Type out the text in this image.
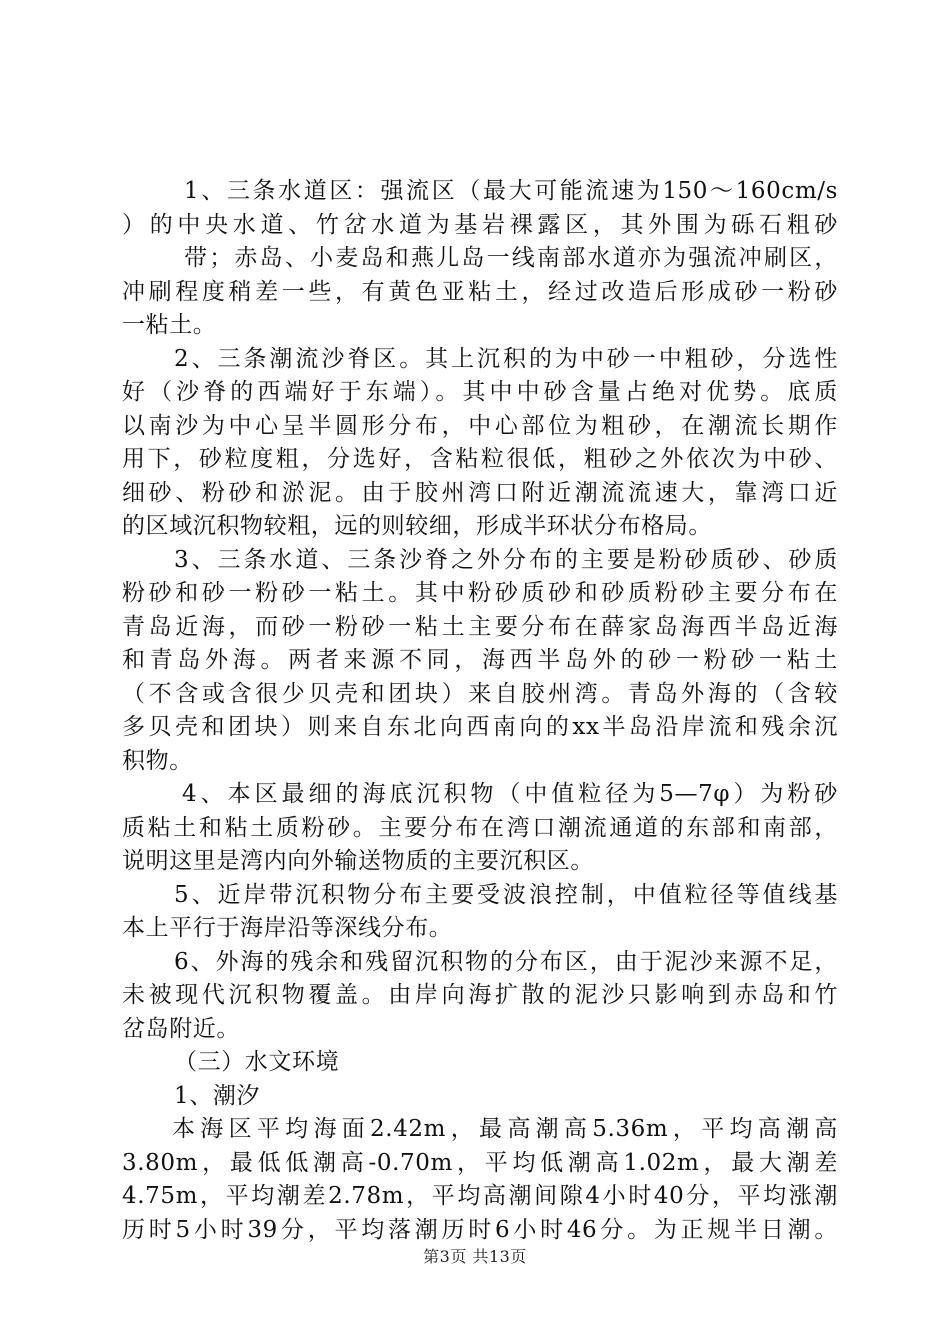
1、三条水道区：强流区（最大可能流速为150～160cm/s
）的中央水道、竹岔水道为基岩裸露区，其外围为砾石粗砂
带；赤岛、小麦岛和燕儿岛一线南部水道亦为强流冲刷区，
冲刷程度稍差一些，有黄色亚粘土，经过改造后形成砂一粉砂
一粘土。
2、三条潮流沙脊区。其上沉积的为中砂一中粗砂，分选性
好（沙脊的西端好于东端）。其中中砂含量占绝对优势。底质
以南沙为中心呈半圆形分布，中心部位为粗砂，在潮流长期作
用下，砂粒度粗，分选好，含粘粒很低，粗砂之外依次为中砂、
细砂、粉砂和淤泥。由于胶州湾口附近潮流流速大，靠湾口近
的区域沉积物较粗，远的则较细，形成半环状分布格局。
3、三条水道、三条沙脊之外分布的主要是粉砂质砂、砂质
粉砂和砂一粉砂一粘土。其中粉砂质砂和砂质粉砂主要分布在
青岛近海，而砂一粉砂一粘土主要分布在薛家岛海西半岛近海
和青岛外海。两者来源不同，海西半岛外的砂一粉砂一粘土
（不含或含很少贝壳和团块）来自胶州湾。青岛外海的（含较
多贝壳和团块）则来自东北向西南向的xx半岛沿岸流和残余沉
积物。
4、本区最细的海底沉积物（中值粒径为5—7φ）为粉砂
质粘土和粘土质粉砂。主要分布在湾口潮流通道的东部和南部，
说明这里是湾内向外输送物质的主要沉积区。
5、近岸带沉积物分布主要受波浪控制，中值粒径等值线基
本上平行于海岸沿等深线分布。
6、外海的残余和残留沉积物的分布区，由于泥沙来源不足，
未被现代沉积物覆盖。由岸向海扩散的泥沙只影响到赤岛和竹
岔岛附近。
（三）水文环境
1、潮汐
本海区平均海面2.42m，最高潮高5.36m，平均高潮高
3.80m，最低低潮高-0.70m，平均低潮高1.02m，最大潮差
4.75m，平均潮差2.78m，平均高潮间隙4小时40分，平均涨潮
历时5小时39分，平均落潮历时6小时46分。为正规半日潮。
第3页 共13页
